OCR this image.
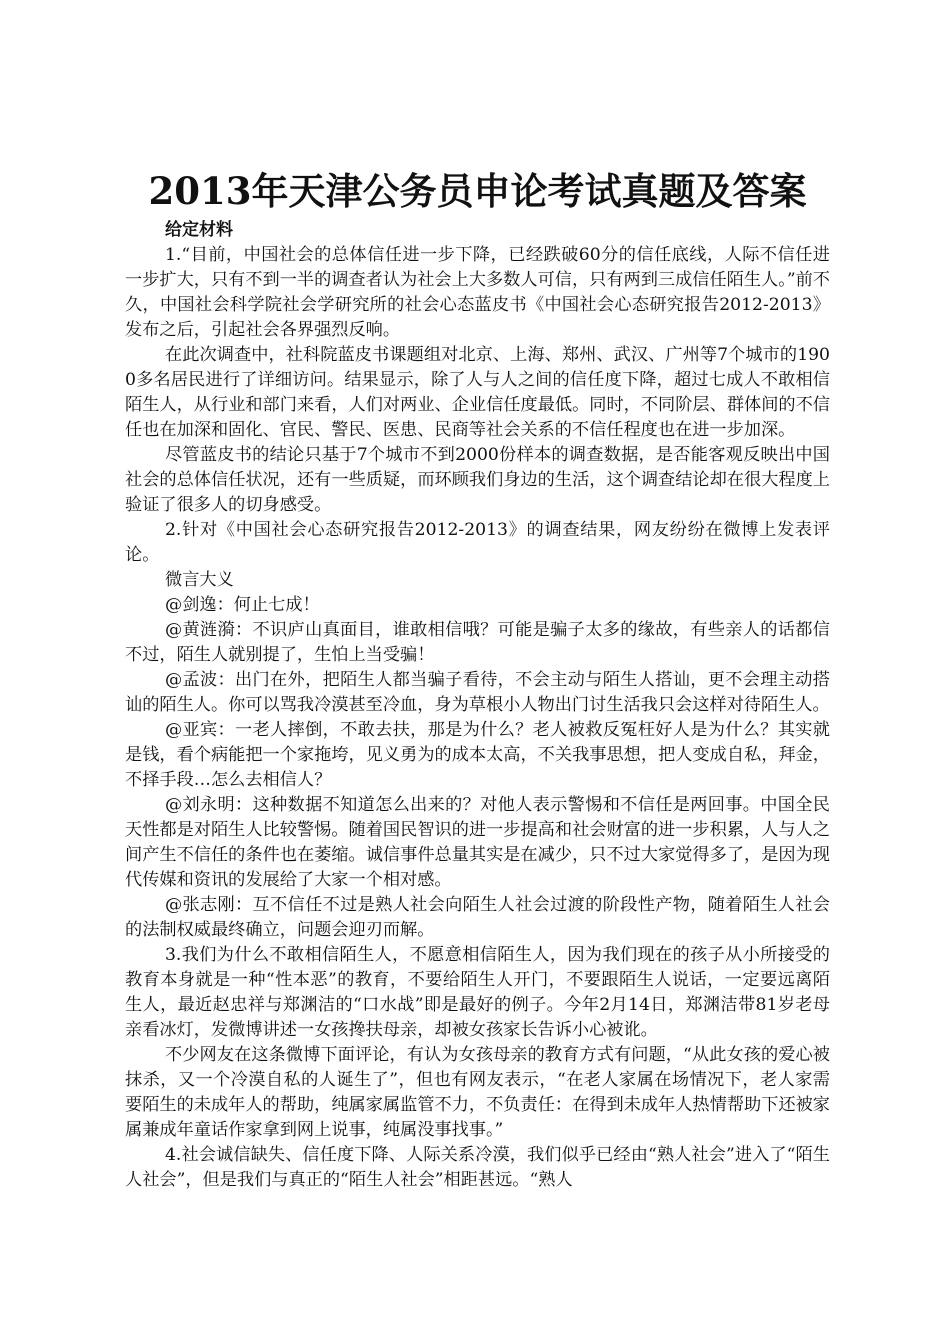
2013年天津公务员申论考试真题及答案

给定材料

1.“目前，中国社会的总体信任进一步下降，已经跌破60分的信任底线，人际不信任进一步扩大，只有不到一半的调查者认为社会上大多数人可信，只有两到三成信任陌生人。”前不久，中国社会科学院社会学研究所的社会心态蓝皮书《中国社会心态研究报告2012-2013》发布之后，引起社会各界强烈反响。

在此次调查中，社科院蓝皮书课题组对北京、上海、郑州、武汉、广州等7个城市的1900多名居民进行了详细访问。结果显示，除了人与人之间的信任度下降，超过七成人不敢相信陌生人，从行业和部门来看，人们对两业、企业信任度最低。同时，不同阶层、群体间的不信任也在加深和固化、官民、警民、医患、民商等社会关系的不信任程度也在进一步加深。

尽管蓝皮书的结论只基于7个城市不到2000份样本的调查数据，是否能客观反映出中国社会的总体信任状况，还有一些质疑，而环顾我们身边的生活，这个调查结论却在很大程度上验证了很多人的切身感受。

2.针对《中国社会心态研究报告2012-2013》的调查结果，网友纷纷在微博上发表评论。

微言大义

@剑逸：何止七成！

@黄涟漪：不识庐山真面目，谁敢相信哦？可能是骗子太多的缘故，有些亲人的话都信不过，陌生人就别提了，生怕上当受骗！

@孟波：出门在外，把陌生人都当骗子看待，不会主动与陌生人搭讪，更不会理主动搭讪的陌生人。你可以骂我冷漠甚至冷血，身为草根小人物出门讨生活我只会这样对待陌生人。

@亚宾：一老人摔倒，不敢去扶，那是为什么？老人被救反冤枉好人是为什么？其实就是钱，看个病能把一个家拖垮，见义勇为的成本太高，不关我事思想，把人变成自私，拜金，不择手段…怎么去相信人？

@刘永明：这种数据不知道怎么出来的？对他人表示警惕和不信任是两回事。中国全民天性都是对陌生人比较警惕。随着国民智识的进一步提高和社会财富的进一步积累，人与人之间产生不信任的条件也在萎缩。诚信事件总量其实是在减少，只不过大家觉得多了，是因为现代传媒和资讯的发展给了大家一个相对感。

@张志刚：互不信任不过是熟人社会向陌生人社会过渡的阶段性产物，随着陌生人社会的法制权威最终确立，问题会迎刃而解。

3.我们为什么不敢相信陌生人，不愿意相信陌生人，因为我们现在的孩子从小所接受的教育本身就是一种“性本恶”的教育，不要给陌生人开门，不要跟陌生人说话，一定要远离陌生人，最近赵忠祥与郑渊洁的“口水战”即是最好的例子。今年2月14日，郑渊洁带81岁老母亲看冰灯，发微博讲述一女孩搀扶母亲，却被女孩家长告诉小心被讹。

不少网友在这条微博下面评论，有认为女孩母亲的教育方式有问题，“从此女孩的爱心被抹杀，又一个冷漠自私的人诞生了”，但也有网友表示，“在老人家属在场情况下，老人家需要陌生的未成年人的帮助，纯属家属监管不力，不负责任：在得到未成年人热情帮助下还被家属兼成年童话作家拿到网上说事，纯属没事找事。”

4.社会诚信缺失、信任度下降、人际关系冷漠，我们似乎已经由“熟人社会”进入了“陌生人社会”，但是我们与真正的“陌生人社会”相距甚远。“熟人
